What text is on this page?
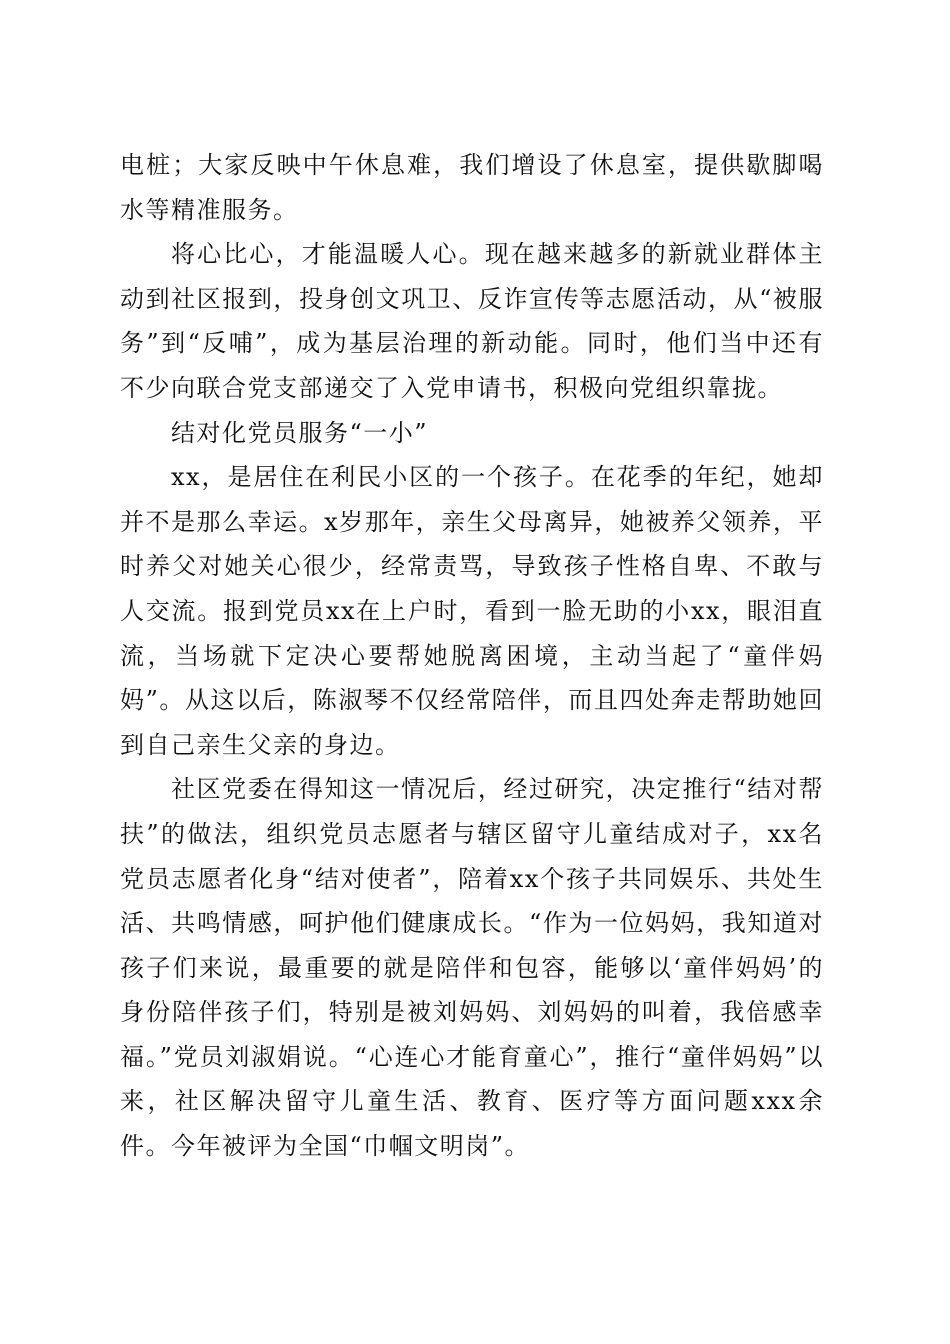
电桩；大家反映中午休息难，我们增设了休息室，提供歇脚喝水等精准服务。

将心比心，才能温暖人心。现在越来越多的新就业群体主动到社区报到，投身创文巩卫、反诈宣传等志愿活动，从“被服务”到“反哺”，成为基层治理的新动能。同时，他们当中还有不少向联合党支部递交了入党申请书，积极向党组织靠拢。

结对化党员服务“一小”

xx，是居住在利民小区的一个孩子。在花季的年纪，她却并不是那么幸运。x岁那年，亲生父母离异，她被养父领养，平时养父对她关心很少，经常责骂，导致孩子性格自卑、不敢与人交流。报到党员xx在上户时，看到一脸无助的小xx，眼泪直流，当场就下定决心要帮她脱离困境，主动当起了“童伴妈妈”。从这以后，陈淑琴不仅经常陪伴，而且四处奔走帮助她回到自己亲生父亲的身边。

社区党委在得知这一情况后，经过研究，决定推行“结对帮扶”的做法，组织党员志愿者与辖区留守儿童结成对子，xx名党员志愿者化身“结对使者”，陪着xx个孩子共同娱乐、共处生活、共鸣情感，呵护他们健康成长。“作为一位妈妈，我知道对孩子们来说，最重要的就是陪伴和包容，能够以‘童伴妈妈’的身份陪伴孩子们，特别是被刘妈妈、刘妈妈的叫着，我倍感幸福。”党员刘淑娟说。“心连心才能育童心”，推行“童伴妈妈”以来，社区解决留守儿童生活、教育、医疗等方面问题xxx余件。今年被评为全国“巾帼文明岗”。
